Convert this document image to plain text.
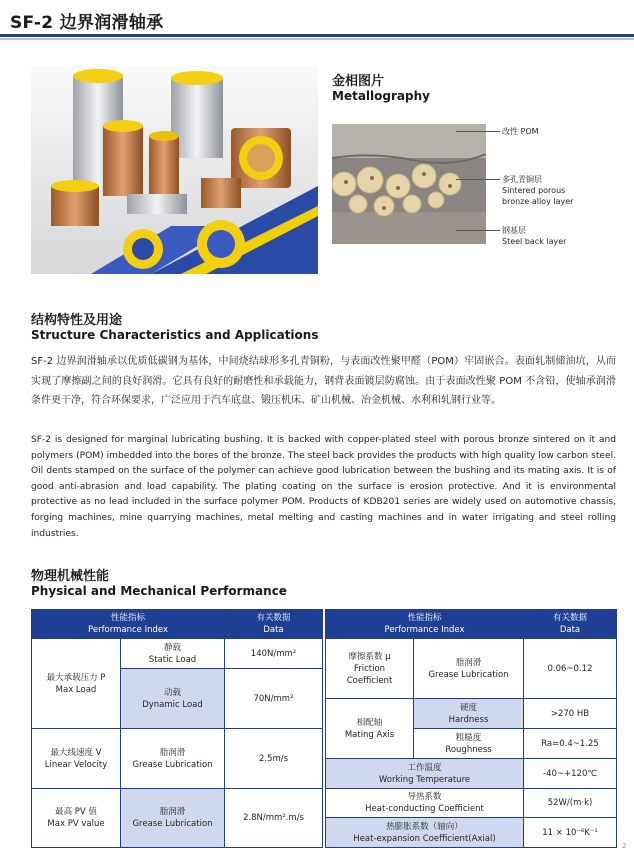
SF-2 边界润滑轴承
金相图片
Metallography
改性 POM
多孔青铜层
Sintered porous bronze alloy layer
钢基层
Steel back layer
结构特性及用途
Structure Characteristics and Applications
SF-2 边界润滑轴承以优质低碳钢为基体，中间烧结球形多孔青铜粉，与表面改性聚甲醛（POM）牢固嵌合。表面轧制储油坑，从而实现了摩擦副之间的良好润滑。它具有良好的耐磨性和承载能力，钢背表面镀层防腐蚀。由于表面改性聚 POM 不含铅，使轴承润滑条件更干净，符合环保要求，广泛应用于汽车底盘、锻压机床、矿山机械、冶金机械、水利和轧钢行业等。
SF-2 is designed for marginal lubricating bushing. It is backed with copper-plated steel with porous bronze sintered on it and polymers (POM) imbedded into the bores of the bronze. The steel back provides the products with high quality low carbon steel. Oil dents stamped on the surface of the polymer can achieve good lubrication between the bushing and its mating axis. It is of good anti-abrasion and load capability. The plating coating on the surface is erosion protective. And it is environmental protective as no lead included in the surface polymer POM. Products of KDB201 series are widely used on automotive chassis, forging machines, mine quarrying machines, metal melting and casting machines and in water irrigating and steel rolling industries.
物理机械性能
Physical and Mechanical Performance
性能指标
Performance Index		有关数据
Data

最大承载压力 P
Max Load	静载
Static Load	140N/mm²

	动载
Dynamic Load	70N/mm²

最大线速度 V
Linear Velocity	脂润滑
Grease Lubrication	2.5m/s

最高 PV 值
Max PV value	脂润滑
Grease Lubrication	2.8N/mm².m/s
性能指标
Performance Index		有关数据
Data

摩擦系数 μ
Friction
Coefficient	脂润滑
Grease Lubrication	0.06~0.12

相配轴
Mating Axis	硬度
Hardness	>270 HB

	粗糙度
Roughness	Ra=0.4~1.25

工作温度
Working Temperature		-40~+120℃

导热系数
Heat-conducting Coefficient		52W/(m·k)

热膨胀系数（轴向）
Heat-expansion Coefficient(Axial)		11 × 10⁻⁶K⁻¹
2
